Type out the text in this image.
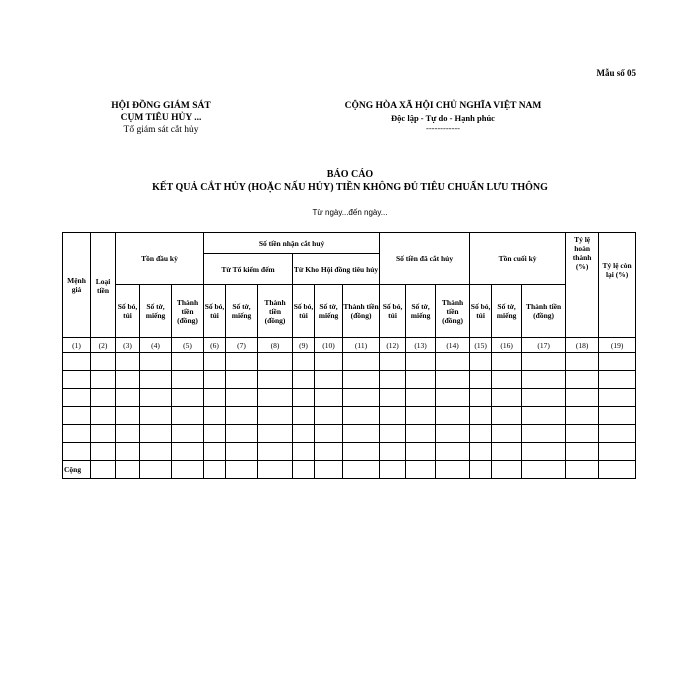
Mẫu số 05
HỘI ĐỒNG GIÁM SÁT
CỤM TIÊU HỦY ...
Tổ giám sát cắt hủy
CỘNG HÒA XÃ HỘI CHỦ NGHĨA VIỆT NAM
Độc lập - Tự do - Hạnh phúc
------------
BÁO CÁO
KẾT QUẢ CẮT HỦY (HOẶC NẤU HỦY) TIỀN KHÔNG ĐỦ TIÊU CHUẨN LƯU THÔNG
Từ ngày...đến ngày...
Mệnh giá	Loại tiền	Tồn đầu kỳ			Số tiền nhận cắt huỷ						Số tiền đã cắt hủy			Tồn cuối kỳ			Tỷ lệ hoàn thành (%)	Tỷ lệ còn lại (%)
					Từ Tổ kiểm đếm			Từ Kho Hội đồng tiêu hủy										
		Số bó, túi	Số tờ, miếng	Thành tiền (đồng)	Số bó, túi	Số tờ, miếng	Thành tiền (đồng)	Số bó, túi	Số tờ, miếng	Thành tiền (đồng)	Số bó, túi	Số tờ, miếng	Thành tiền (đồng)	Số bó, túi	Số tờ, miếng	Thành tiền (đồng)		
(1)	(2)	(3)	(4)	(5)	(6)	(7)	(8)	(9)	(10)	(11)	(12)	(13)	(14)	(15)	(16)	(17)	(18)	(19)

Cộng																		
